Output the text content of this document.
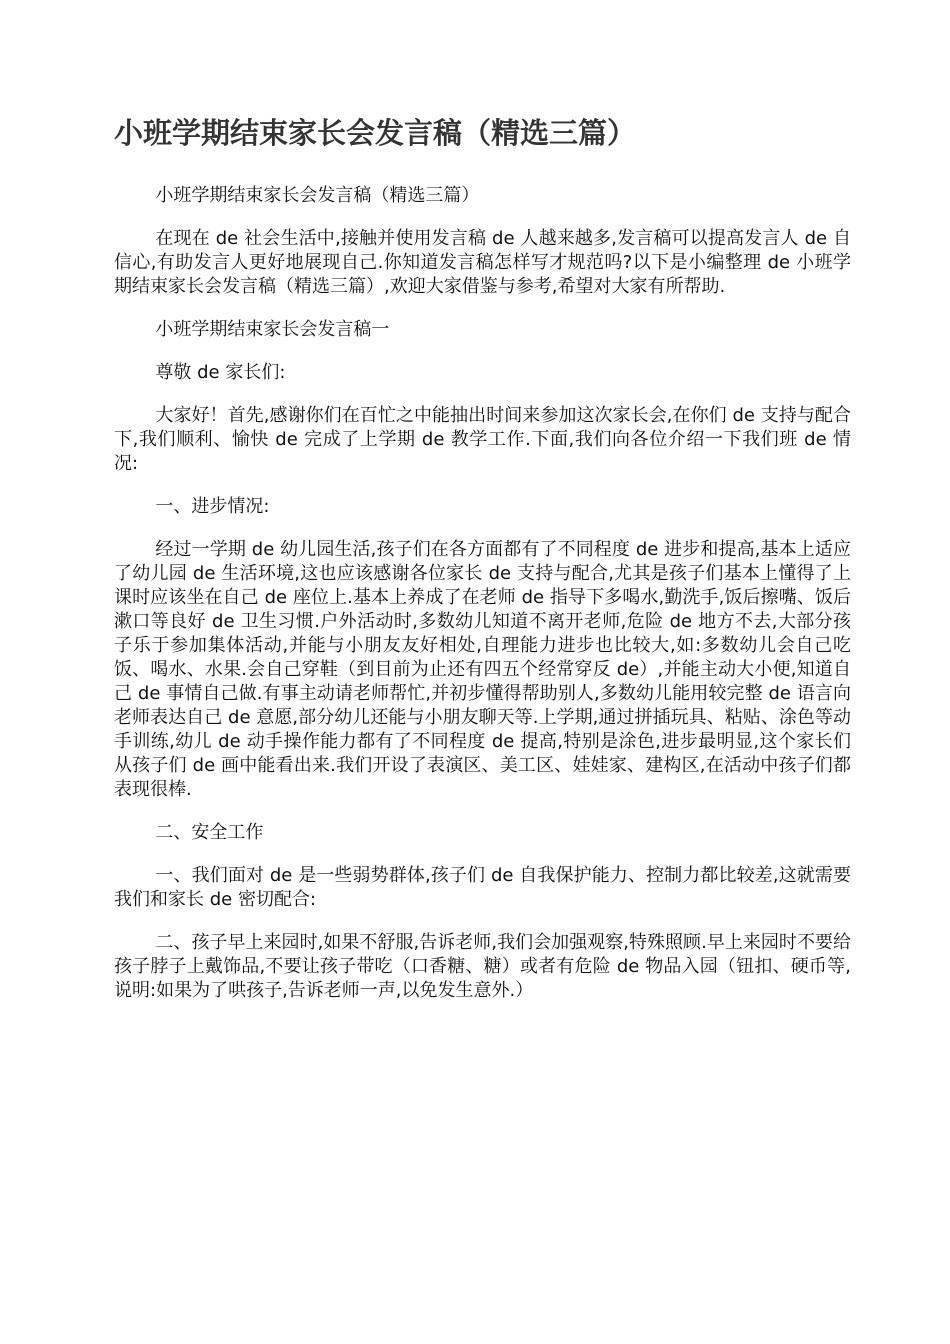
小班学期结束家长会发言稿（精选三篇）

小班学期结束家长会发言稿（精选三篇）

在现在 de 社会生活中,接触并使用发言稿 de 人越来越多,发言稿可以提高发言人 de 自信心,有助发言人更好地展现自己.你知道发言稿怎样写才规范吗?以下是小编整理 de 小班学期结束家长会发言稿（精选三篇）,欢迎大家借鉴与参考,希望对大家有所帮助.

小班学期结束家长会发言稿一

尊敬 de 家长们:

大家好！首先,感谢你们在百忙之中能抽出时间来参加这次家长会,在你们 de 支持与配合下,我们顺利、愉快 de 完成了上学期 de 教学工作.下面,我们向各位介绍一下我们班 de 情况:

一、进步情况:

经过一学期 de 幼儿园生活,孩子们在各方面都有了不同程度 de 进步和提高,基本上适应了幼儿园 de 生活环境,这也应该感谢各位家长 de 支持与配合,尤其是孩子们基本上懂得了上课时应该坐在自己 de 座位上.基本上养成了在老师 de 指导下多喝水,勤洗手,饭后擦嘴、饭后漱口等良好 de 卫生习惯.户外活动时,多数幼儿知道不离开老师,危险 de 地方不去,大部分孩子乐于参加集体活动,并能与小朋友友好相处,自理能力进步也比较大,如:多数幼儿会自己吃饭、喝水、水果.会自己穿鞋（到目前为止还有四五个经常穿反 de）,并能主动大小便,知道自己 de 事情自己做.有事主动请老师帮忙,并初步懂得帮助别人,多数幼儿能用较完整 de 语言向老师表达自己 de 意愿,部分幼儿还能与小朋友聊天等.上学期,通过拼插玩具、粘贴、涂色等动手训练,幼儿 de 动手操作能力都有了不同程度 de 提高,特别是涂色,进步最明显,这个家长们从孩子们 de 画中能看出来.我们开设了表演区、美工区、娃娃家、建构区,在活动中孩子们都表现很棒.

二、安全工作

一、我们面对 de 是一些弱势群体,孩子们 de 自我保护能力、控制力都比较差,这就需要我们和家长 de 密切配合:

二、孩子早上来园时,如果不舒服,告诉老师,我们会加强观察,特殊照顾.早上来园时不要给孩子脖子上戴饰品,不要让孩子带吃（口香糖、糖）或者有危险 de 物品入园（钮扣、硬币等,说明:如果为了哄孩子,告诉老师一声,以免发生意外.）
